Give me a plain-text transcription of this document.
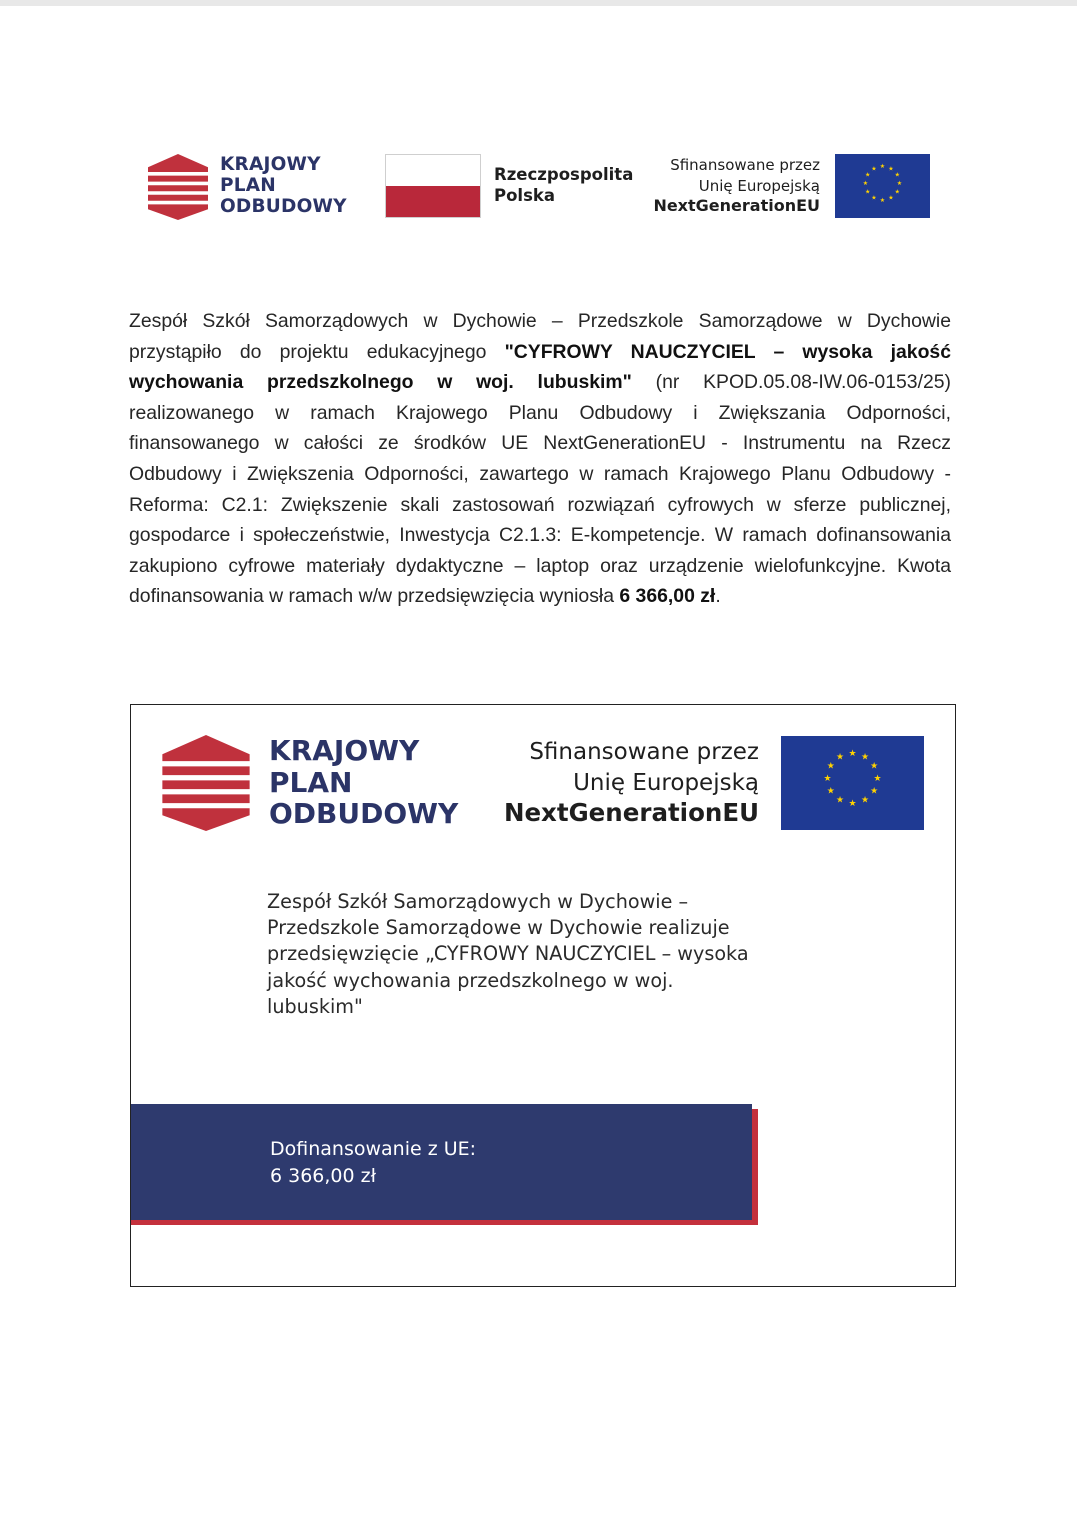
KRAJOWY
PLAN
ODBUDOWY
Rzeczpospolita
Polska
Sfinansowane przez
Unię Europejską
NextGenerationEU
★ ★
★
★
★
★
★
★
★
★
★
★

Zespół Szkół Samorządowych w Dychowie – Przedszkole Samorządowe w Dychowie przystąpiło do projektu edukacyjnego "CYFROWY NAUCZYCIEL – wysoka jakość wychowania przedszkolnego w woj. lubuskim" (nr KPOD.05.08-IW.06-0153/25) realizowanego w ramach Krajowego Planu Odbudowy i Zwiększania Odporności, finansowanego w całości ze środków UE NextGenerationEU - Instrumentu na Rzecz Odbudowy i Zwiększenia Odporności, zawartego w ramach Krajowego Planu Odbudowy - Reforma: C2.1: Zwiększenie skali zastosowań rozwiązań cyfrowych w sferze publicznej, gospodarce i społeczeństwie, Inwestycja C2.1.3: E-kompetencje. W ramach dofinansowania zakupiono cyfrowe materiały dydaktyczne – laptop oraz urządzenie wielofunkcyjne. Kwota dofinansowania w ramach w/w przedsięwzięcia wyniosła 6 366,00 zł.

KRAJOWY
PLAN
ODBUDOWY
Sfinansowane przez
Unię Europejską
NextGenerationEU
★ ★
★
★
★
★
★
★
★
★
★
★
Zespół Szkół Samorządowych w Dychowie –
Przedszkole Samorządowe w Dychowie realizuje
przedsięwzięcie „CYFROWY NAUCZYCIEL – wysoka
jakość wychowania przedszkolnego w woj. lubuskim"
Dofinansowanie z UE:
6 366,00 zł
